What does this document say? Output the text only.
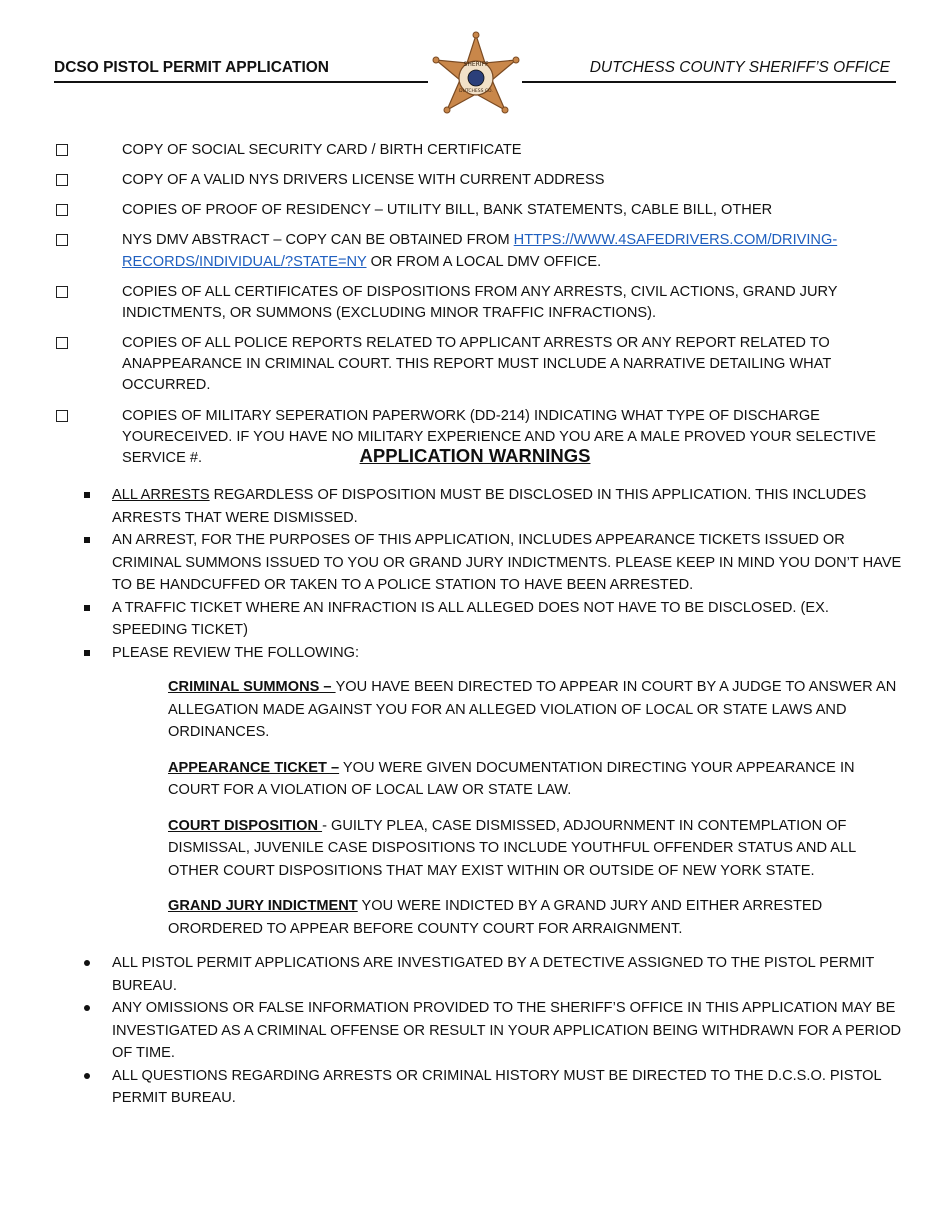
DCSO PISTOL PERMIT APPLICATION	SHERIFF
DUTCHESS CO.
DUTCHESS COUNTY SHERIFF’S OFFICE
COPY OF SOCIAL SECURITY CARD / BIRTH CERTIFICATE
COPY OF A VALID NYS DRIVERS LICENSE WITH CURRENT ADDRESS
COPIES OF PROOF OF RESIDENCY – UTILITY BILL, BANK STATEMENTS, CABLE BILL, OTHER
NYS DMV ABSTRACT – COPY CAN BE OBTAINED FROM HTTPS://WWW.4SAFEDRIVERS.COM/DRIVING-RECORDS/INDIVIDUAL/?STATE=NY OR FROM A LOCAL DMV OFFICE.
COPIES OF ALL CERTIFICATES OF DISPOSITIONS FROM ANY ARRESTS, CIVIL ACTIONS, GRAND JURY INDICTMENTS, OR SUMMONS (EXCLUDING MINOR TRAFFIC INFRACTIONS).
COPIES OF ALL POLICE REPORTS RELATED TO APPLICANT ARRESTS OR ANY REPORT RELATED TO ANAPPEARANCE IN CRIMINAL COURT. THIS REPORT MUST INCLUDE A NARRATIVE DETAILING WHAT OCCURRED.
COPIES OF MILITARY SEPERATION PAPERWORK (DD-214) INDICATING WHAT TYPE OF DISCHARGE YOURECEIVED. IF YOU HAVE NO MILITARY EXPERIENCE AND YOU ARE A MALE PROVED YOUR SELECTIVE SERVICE #.	APPLICATION WARNINGS
ALL ARRESTS REGARDLESS OF DISPOSITION MUST BE DISCLOSED IN THIS APPLICATION. THIS INCLUDES ARRESTS THAT WERE DISMISSED.
AN ARREST, FOR THE PURPOSES OF THIS APPLICATION, INCLUDES APPEARANCE TICKETS ISSUED OR CRIMINAL SUMMONS ISSUED TO YOU OR GRAND JURY INDICTMENTS. PLEASE KEEP IN MIND YOU DON’T HAVE TO BE HANDCUFFED OR TAKEN TO A POLICE STATION TO HAVE BEEN ARRESTED.
A TRAFFIC TICKET WHERE AN INFRACTION IS ALL ALLEGED DOES NOT HAVE TO BE DISCLOSED. (EX. SPEEDING TICKET)
PLEASE REVIEW THE FOLLOWING:
CRIMINAL SUMMONS – YOU HAVE BEEN DIRECTED TO APPEAR IN COURT BY A JUDGE TO ANSWER AN ALLEGATION MADE AGAINST YOU FOR AN ALLEGED VIOLATION OF LOCAL OR STATE LAWS AND ORDINANCES.
APPEARANCE TICKET – YOU WERE GIVEN DOCUMENTATION DIRECTING YOUR APPEARANCE IN COURT FOR A VIOLATION OF LOCAL LAW OR STATE LAW.
COURT DISPOSITION - GUILTY PLEA, CASE DISMISSED, ADJOURNMENT IN CONTEMPLATION OF DISMISSAL, JUVENILE CASE DISPOSITIONS TO INCLUDE YOUTHFUL OFFENDER STATUS AND ALL OTHER COURT DISPOSITIONS THAT MAY EXIST WITHIN OR OUTSIDE OF NEW YORK STATE.
GRAND JURY INDICTMENT YOU WERE INDICTED BY A GRAND JURY AND EITHER ARRESTED ORORDERED TO APPEAR BEFORE COUNTY COURT FOR ARRAIGNMENT.
ALL PISTOL PERMIT APPLICATIONS ARE INVESTIGATED BY A DETECTIVE ASSIGNED TO THE PISTOL PERMIT BUREAU.
ANY OMISSIONS OR FALSE INFORMATION PROVIDED TO THE SHERIFF’S OFFICE IN THIS APPLICATION MAY BE INVESTIGATED AS A CRIMINAL OFFENSE OR RESULT IN YOUR APPLICATION BEING WITHDRAWN FOR A PERIOD OF TIME.
ALL QUESTIONS REGARDING ARRESTS OR CRIMINAL HISTORY MUST BE DIRECTED TO THE D.C.S.O. PISTOL PERMIT BUREAU.
